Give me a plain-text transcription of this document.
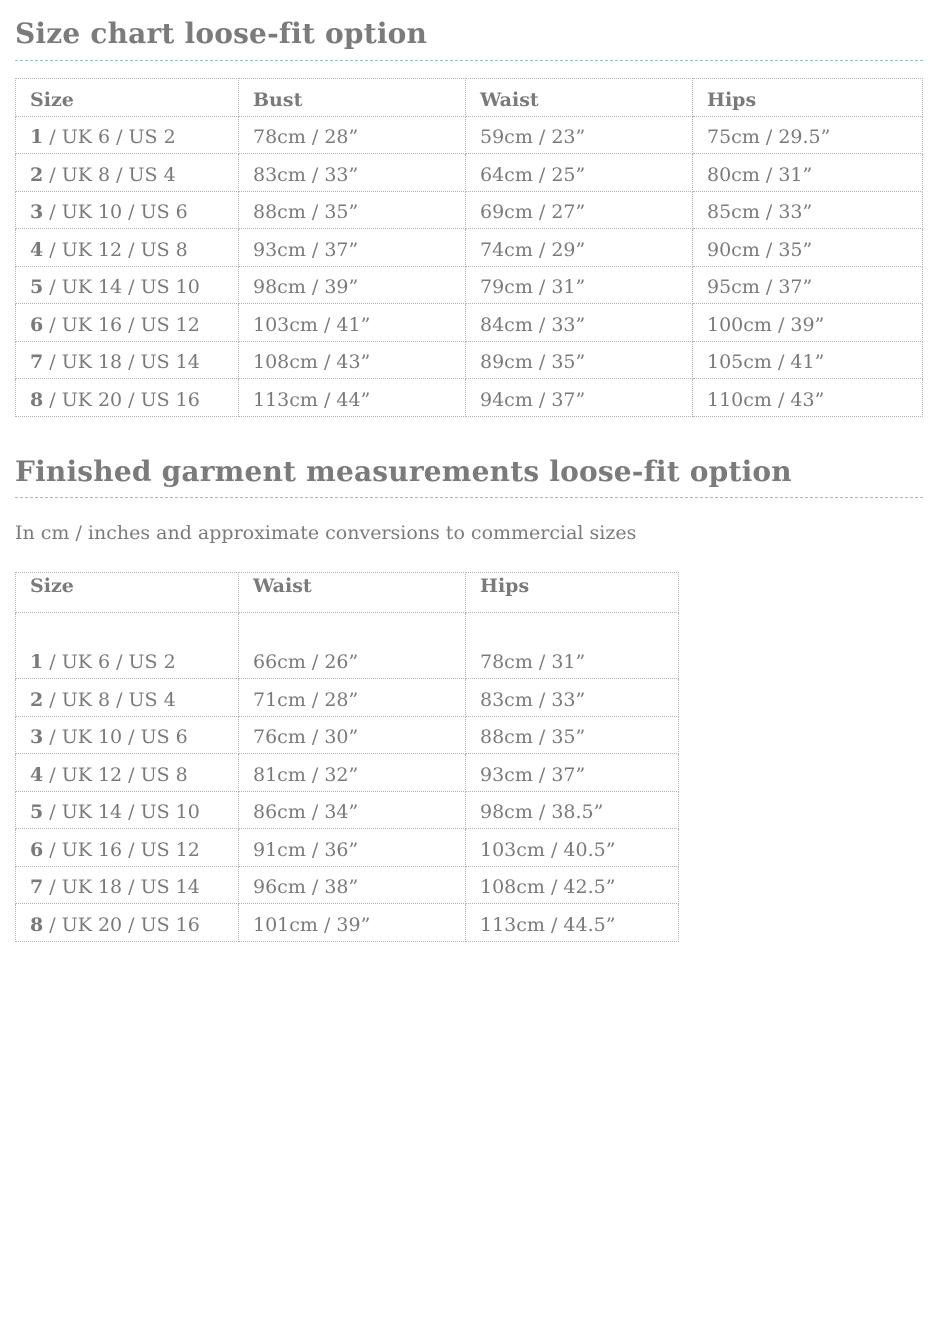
Size chart loose-fit option
Size	Bust	Waist	Hips
1 / UK 6 / US 2	78cm / 28”	59cm / 23”	75cm / 29.5”
2 / UK 8 / US 4	83cm / 33”	64cm / 25”	80cm / 31”
3 / UK 10 / US 6	88cm / 35”	69cm / 27”	85cm / 33”
4 / UK 12 / US 8	93cm / 37”	74cm / 29”	90cm / 35”
5 / UK 14 / US 10	98cm / 39”	79cm / 31”	95cm / 37”
6 / UK 16 / US 12	103cm / 41”	84cm / 33”	100cm / 39”
7 / UK 18 / US 14	108cm / 43”	89cm / 35”	105cm / 41”
8 / UK 20 / US 16	113cm / 44”	94cm / 37”	110cm / 43”
Finished garment measurements loose-fit option

In cm / inches and approximate conversions to commercial sizes

Size	Waist	Hips
1 / UK 6 / US 2	66cm / 26”	78cm / 31”
2 / UK 8 / US 4	71cm / 28”	83cm / 33”
3 / UK 10 / US 6	76cm / 30”	88cm / 35”
4 / UK 12 / US 8	81cm / 32”	93cm / 37”
5 / UK 14 / US 10	86cm / 34”	98cm / 38.5”
6 / UK 16 / US 12	91cm / 36”	103cm / 40.5”
7 / UK 18 / US 14	96cm / 38”	108cm / 42.5”
8 / UK 20 / US 16	101cm / 39”	113cm / 44.5”
